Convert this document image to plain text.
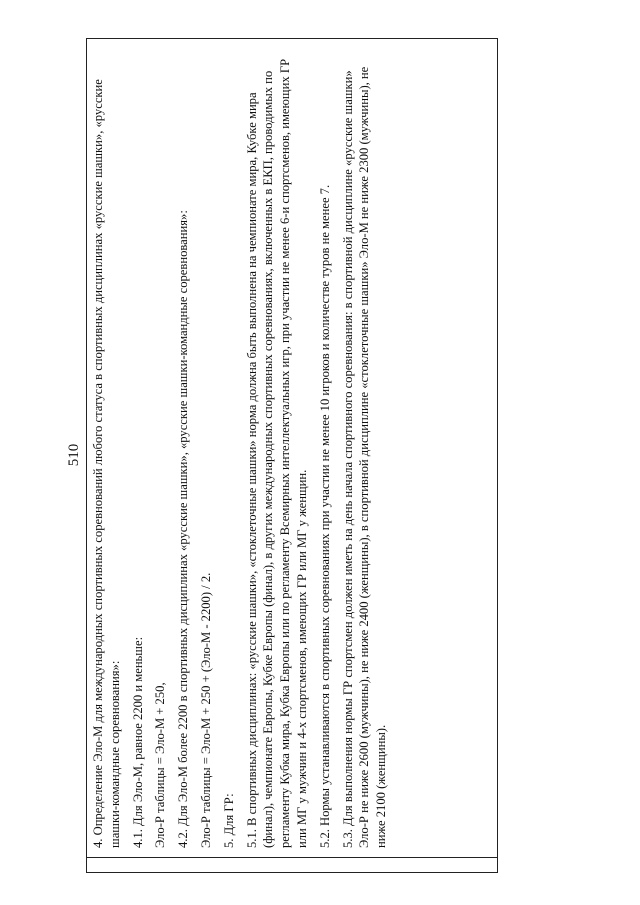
510 4. Определение Эло-М для международных спортивных соревнований любого статуса в спортивных дисциплинах «русские шашки», «русские шашки-командные соревнования»: 4.1. Для Эло-М, равное 2200 и меньше: Эло-Р таблицы = Эло-М + 250, 4.2. Для Эло-М более 2200 в спортивных дисциплинах «русские шашки», «русские шашки-командные соревнования»: Эло-Р таблицы = Эло-М + 250 + (Эло-М - 2200) / 2. 5. Для ГР: 5.1. В спортивных дисциплинах: «русские шашки», «стоклеточные шашки» норма должна быть выполнена на чемпионате мира, Кубке мира (финал), чемпионате Европы, Кубке Европы (финал), в других международных спортивных соревнованиях, включенных в ЕКП, проводимых по регламенту Кубка мира, Кубка Европы или по регламенту Всемирных интеллектуальных игр, при участии не менее 6-и спортсменов, имеющих ГР или МГ у мужчин и 4-х спортсменов, имеющих ГР или МГ у женщин. 5.2. Нормы устанавливаются в спортивных соревнованиях при участии не менее 10 игроков и количестве туров не менее 7. 5.3. Для выполнения нормы ГР спортсмен должен иметь на день начала спортивного соревнования: в спортивной дисциплине «русские шашки» Эло-Р не ниже 2600 (мужчины), не ниже 2400 (женщины), в спортивной дисциплине «стоклеточные шашки» Эло-М не ниже 2300 (мужчины), не ниже 2100 (женщины).
